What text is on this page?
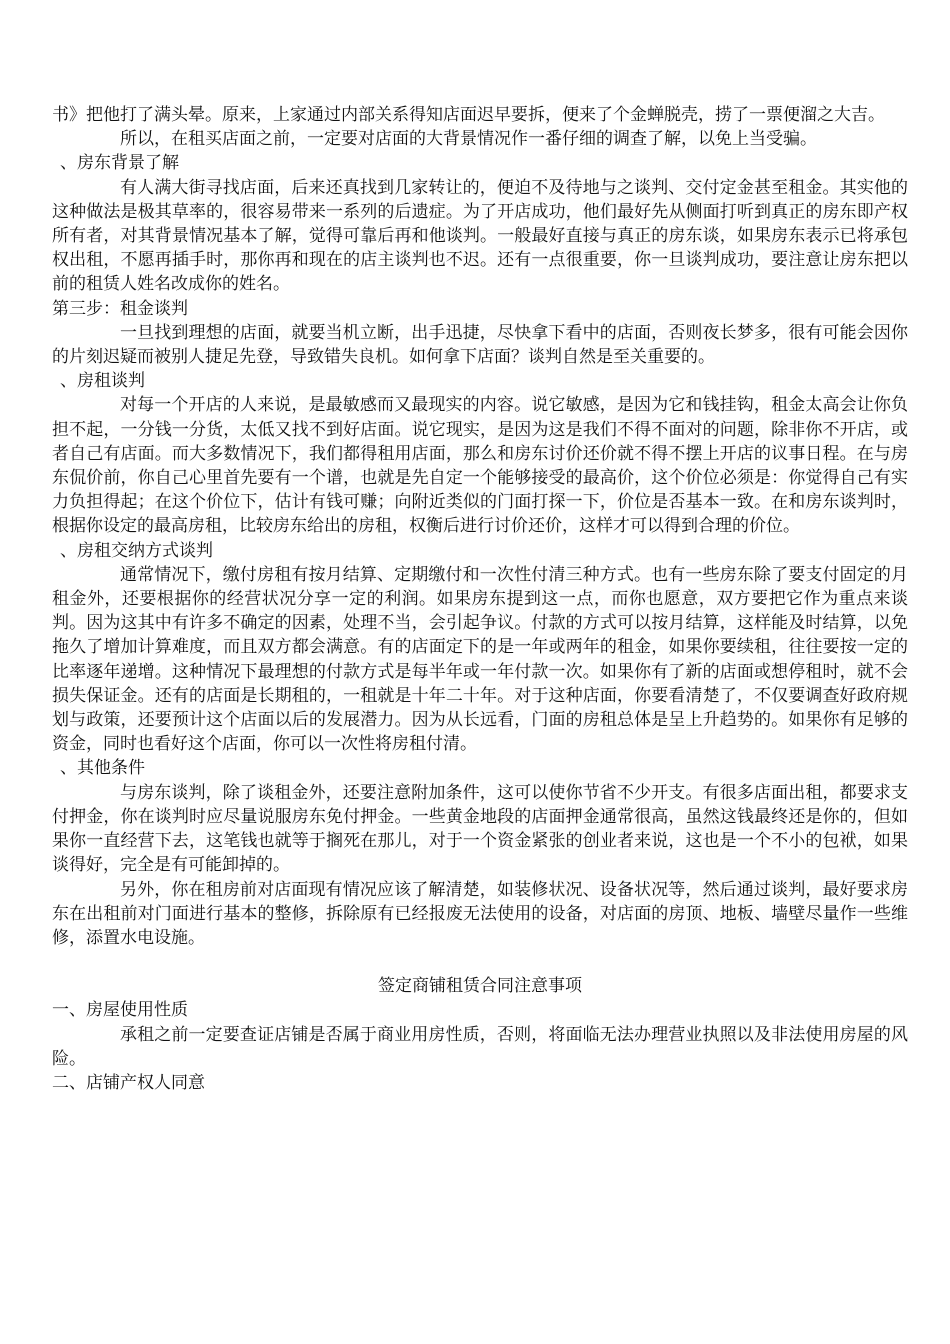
书》把他打了满头晕。原来，上家通过内部关系得知店面迟早要拆，便来了个金蝉脱壳，捞了一票便溜之大吉。

所以，在租买店面之前，一定要对店面的大背景情况作一番仔细的调查了解，以免上当受骗。

、房东背景了解

有人满大街寻找店面，后来还真找到几家转让的，便迫不及待地与之谈判、交付定金甚至租金。其实他的这种做法是极其草率的，很容易带来一系列的后遗症。为了开店成功，他们最好先从侧面打听到真正的房东即产权所有者，对其背景情况基本了解，觉得可靠后再和他谈判。一般最好直接与真正的房东谈，如果房东表示已将承包权出租，不愿再插手时，那你再和现在的店主谈判也不迟。还有一点很重要，你一旦谈判成功，要注意让房东把以前的租赁人姓名改成你的姓名。

第三步：租金谈判

一旦找到理想的店面，就要当机立断，出手迅捷，尽快拿下看中的店面，否则夜长梦多，很有可能会因你的片刻迟疑而被别人捷足先登，导致错失良机。如何拿下店面？谈判自然是至关重要的。

、房租谈判

对每一个开店的人来说，是最敏感而又最现实的内容。说它敏感，是因为它和钱挂钩，租金太高会让你负担不起，一分钱一分货，太低又找不到好店面。说它现实，是因为这是我们不得不面对的问题，除非你不开店，或者自己有店面。而大多数情况下，我们都得租用店面，那么和房东讨价还价就不得不摆上开店的议事日程。在与房东侃价前，你自己心里首先要有一个谱，也就是先自定一个能够接受的最高价，这个价位必须是：你觉得自己有实力负担得起；在这个价位下，估计有钱可赚；向附近类似的门面打探一下，价位是否基本一致。在和房东谈判时，根据你设定的最高房租，比较房东给出的房租，权衡后进行讨价还价，这样才可以得到合理的价位。

、房租交纳方式谈判

通常情况下，缴付房租有按月结算、定期缴付和一次性付清三种方式。也有一些房东除了要支付固定的月租金外，还要根据你的经营状况分享一定的利润。如果房东提到这一点，而你也愿意，双方要把它作为重点来谈判。因为这其中有许多不确定的因素，处理不当，会引起争议。付款的方式可以按月结算，这样能及时结算，以免拖久了增加计算难度，而且双方都会满意。有的店面定下的是一年或两年的租金，如果你要续租，往往要按一定的比率逐年递增。这种情况下最理想的付款方式是每半年或一年付款一次。如果你有了新的店面或想停租时，就不会损失保证金。还有的店面是长期租的，一租就是十年二十年。对于这种店面，你要看清楚了，不仅要调查好政府规划与政策，还要预计这个店面以后的发展潜力。因为从长远看，门面的房租总体是呈上升趋势的。如果你有足够的资金，同时也看好这个店面，你可以一次性将房租付清。

、其他条件

与房东谈判，除了谈租金外，还要注意附加条件，这可以使你节省不少开支。有很多店面出租，都要求支付押金，你在谈判时应尽量说服房东免付押金。一些黄金地段的店面押金通常很高，虽然这钱最终还是你的，但如果你一直经营下去，这笔钱也就等于搁死在那儿，对于一个资金紧张的创业者来说，这也是一个不小的包袱，如果谈得好，完全是有可能卸掉的。

另外，你在租房前对店面现有情况应该了解清楚，如装修状况、设备状况等，然后通过谈判，最好要求房东在出租前对门面进行基本的整修，拆除原有已经报废无法使用的设备，对店面的房顶、地板、墙壁尽量作一些维修，添置水电设施。

签定商铺租赁合同注意事项

一、房屋使用性质

承租之前一定要查证店铺是否属于商业用房性质，否则，将面临无法办理营业执照以及非法使用房屋的风险。

二、店铺产权人同意
